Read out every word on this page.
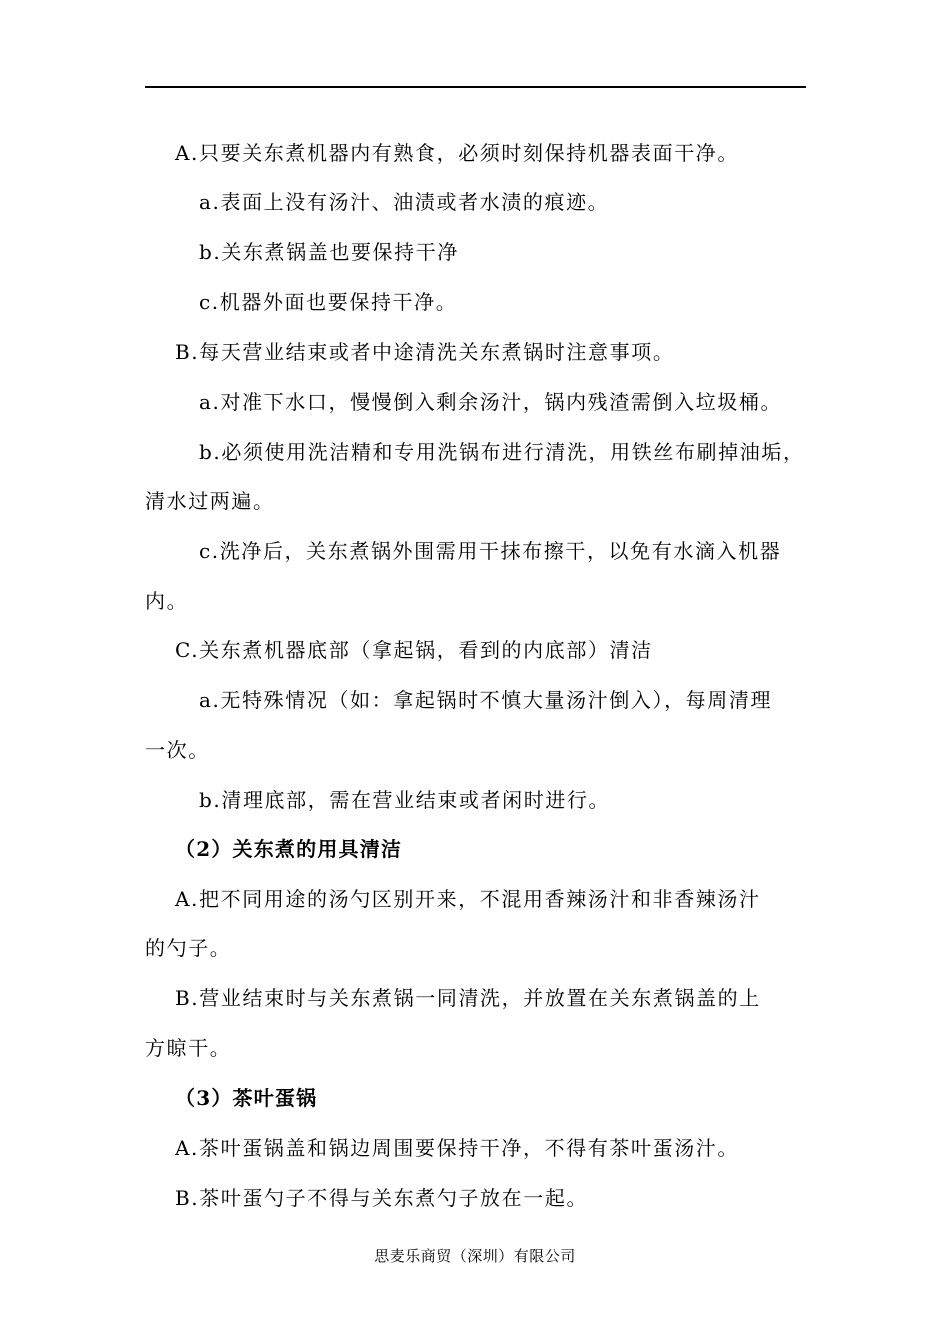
A.只要关东煮机器内有熟食，必须时刻保持机器表面干净。
a.表面上没有汤汁、油渍或者水渍的痕迹。
b.关东煮锅盖也要保持干净
c.机器外面也要保持干净。
B.每天营业结束或者中途清洗关东煮锅时注意事项。
a.对准下水口，慢慢倒入剩余汤汁，锅内残渣需倒入垃圾桶。
b.必须使用洗洁精和专用洗锅布进行清洗，用铁丝布刷掉油垢，
清水过两遍。
c.洗净后，关东煮锅外围需用干抹布擦干，以免有水滴入机器
内。
C.关东煮机器底部（拿起锅，看到的内底部）清洁
a.无特殊情况（如：拿起锅时不慎大量汤汁倒入），每周清理
一次。
b.清理底部，需在营业结束或者闲时进行。
（2）关东煮的用具清洁
A.把不同用途的汤勺区别开来，不混用香辣汤汁和非香辣汤汁
的勺子。
B.营业结束时与关东煮锅一同清洗，并放置在关东煮锅盖的上
方晾干。
（3）茶叶蛋锅
A.茶叶蛋锅盖和锅边周围要保持干净，不得有茶叶蛋汤汁。
B.茶叶蛋勺子不得与关东煮勺子放在一起。
思麦乐商贸（深圳）有限公司
